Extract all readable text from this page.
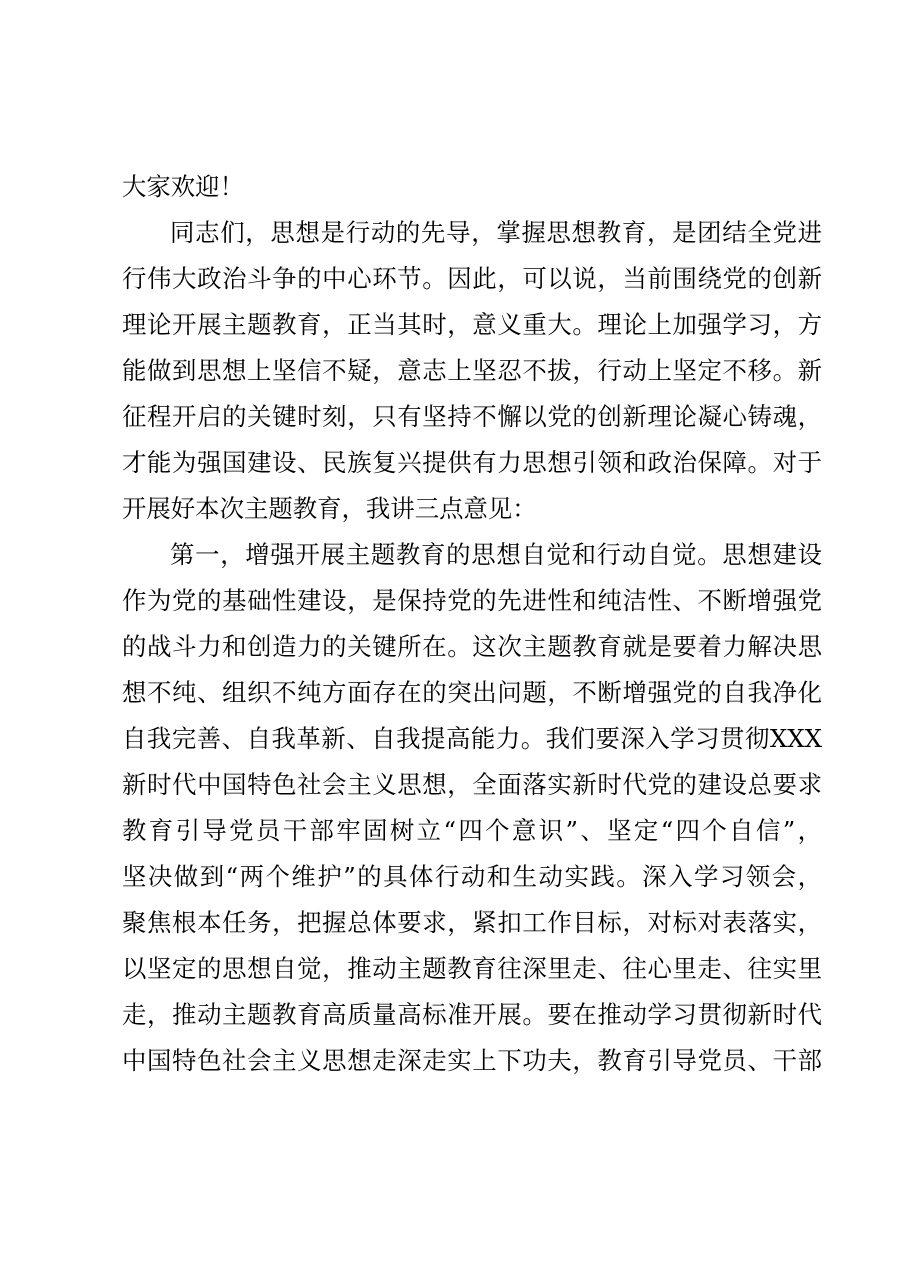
大家欢迎！
同志们，思想是行动的先导，掌握思想教育，是团结全党进
行伟大政治斗争的中心环节。因此，可以说，当前围绕党的创新
理论开展主题教育，正当其时，意义重大。理论上加强学习，方
能做到思想上坚信不疑，意志上坚忍不拔，行动上坚定不移。新
征程开启的关键时刻，只有坚持不懈以党的创新理论凝心铸魂，
才能为强国建设、民族复兴提供有力思想引领和政治保障。对于
开展好本次主题教育，我讲三点意见：
第一，增强开展主题教育的思想自觉和行动自觉。思想建设
作为党的基础性建设，是保持党的先进性和纯洁性、不断增强党
的战斗力和创造力的关键所在。这次主题教育就是要着力解决思
想不纯、组织不纯方面存在的突出问题，不断增强党的自我净化
自我完善、自我革新、自我提高能力。我们要深入学习贯彻XXX
新时代中国特色社会主义思想，全面落实新时代党的建设总要求
教育引导党员干部牢固树立“四个意识”、坚定“四个自信”，
坚决做到“两个维护”的具体行动和生动实践。深入学习领会，
聚焦根本任务，把握总体要求，紧扣工作目标，对标对表落实，
以坚定的思想自觉，推动主题教育往深里走、往心里走、往实里
走，推动主题教育高质量高标准开展。要在推动学习贯彻新时代
中国特色社会主义思想走深走实上下功夫，教育引导党员、干部
